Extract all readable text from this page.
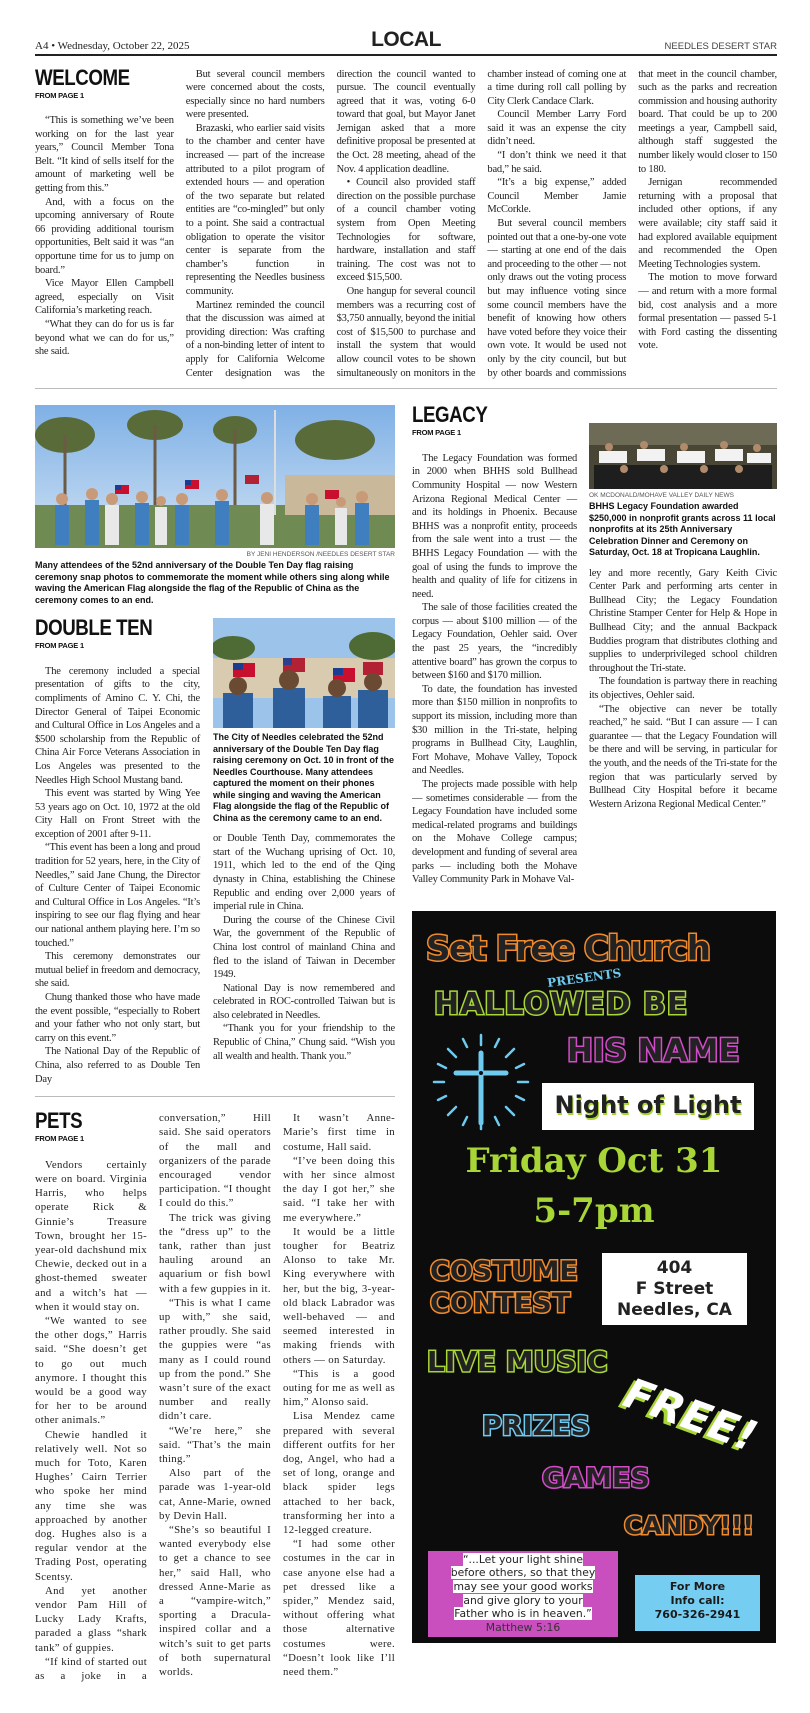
A4 • Wednesday, October 22, 2025	LOCAL	NEEDLES DESERT STAR
WELCOME
FROM PAGE 1

“This is something we’ve been working on for the last year years,” Council Member Tona Belt. “It kind of sells itself for the amount of marketing well be getting from this.”

And, with a focus on the upcoming anniversary of Route 66 providing additional tourism opportunities, Belt said it was “an opportune time for us to jump on board.”

Vice Mayor Ellen Campbell agreed, especially on Visit California’s marketing reach.

“What they can do for us is far beyond what we can do for us,” she said.

But several council members were concerned about the costs, especially since no hard numbers were presented.

Brazaski, who earlier said visits to the chamber and center have increased — part of the increase attributed to a pilot program of extended hours — and operation of the two separate but related entities are “co-mingled” but only to a point. She said a contractual obligation to operate the visitor center is separate from the chamber’s function in representing the Needles business community.

Martinez reminded the council that the discussion was aimed at providing direction: Was crafting of a non-binding letter of intent to apply for California Welcome Center designation was the direction the council wanted to pursue. The council eventually agreed that it was, voting 6-0 toward that goal, but Mayor Janet Jernigan asked that a more definitive proposal be presented at the Oct. 28 meeting, ahead of the Nov. 4 application deadline.

• Council also provided staff direction on the possible purchase of a council chamber voting system from Open Meeting Technologies for software, hardware, installation and staff training. The cost was not to exceed $15,500.

One hangup for several council members was a recurring cost of $3,750 annually, beyond the initial cost of $15,500 to purchase and install the system that would allow council votes to be shown simultaneously on monitors in the chamber instead of coming one at a time during roll call polling by City Clerk Candace Clark.

Council Member Larry Ford said it was an expense the city didn’t need.

“I don’t think we need it that bad,” he said.

“It’s a big expense,” added Council Member Jamie McCorkle.

But several council members pointed out that a one-by-one vote — starting at one end of the dais and proceeding to the other — not only draws out the voting process but may influence voting since some council members have the benefit of knowing how others have voted before they voice their own vote. It would be used not only by the city council, but but by other boards and commissions that meet in the council chamber, such as the parks and recreation commission and housing authority board. That could be up to 200 meetings a year, Campbell said, although staff suggested the number likely would closer to 150 to 180.

Jernigan recommended returning with a proposal that included other options, if any were available; city staff said it had explored available equipment and recommended the Open Meeting Technologies system.

The motion to move forward — and return with a more formal bid, cost analysis and a more formal presentation — passed 5-1 with Ford casting the dissenting vote.

BY JENI HENDERSON /NEEDLES DESERT STAR
Many attendees of the 52nd anniversary of the Double Ten Day flag raising ceremony snap photos to commemorate the moment while others sing along while waving the American Flag alongside the flag of the Republic of China as the ceremony comes to an end.
DOUBLE TEN
FROM PAGE 1

The ceremony included a special presentation of gifts to the city, compliments of Amino C. Y. Chi, the Director General of Taipei Economic and Cultural Office in Los Angeles and a $500 scholarship from the Republic of China Air Force Veterans Association in Los Angeles was presented to the Needles High School Mustang band.

This event was started by Wing Yee 53 years ago on Oct. 10, 1972 at the old City Hall on Front Street with the exception of 2001 after 9-11.

“This event has been a long and proud tradition for 52 years, here, in the City of Needles,” said Jane Chung, the Director of Culture Center of Taipei Economic and Cultural Office in Los Angeles. “It’s inspiring to see our flag flying and hear our national anthem playing here. I’m so touched.”

This ceremony demonstrates our mutual belief in freedom and democracy, she said.

Chung thanked those who have made the event possible, “especially to Robert and your father who not only start, but carry on this event.”

The National Day of the Republic of China, also referred to as Double Ten Day

The City of Needles celebrated the 52nd anniversary of the Double Ten Day flag raising ceremony on Oct. 10 in front of the Needles Courthouse. Many attendees captured the moment on their phones while singing and waving the American Flag alongside the flag of the Republic of China as the ceremony came to an end.

or Double Tenth Day, commemorates the start of the Wuchang uprising of Oct. 10, 1911, which led to the end of the Qing dynasty in China, establishing the Chinese Republic and ending over 2,000 years of imperial rule in China.

During the course of the Chinese Civil War, the government of the Republic of China lost control of mainland China and fled to the island of Taiwan in December 1949.

National Day is now remembered and celebrated in ROC-controlled Taiwan but is also celebrated in Needles.

“Thank you for your friendship to the Republic of China,” Chung said. “Wish you all wealth and health. Thank you.”

PETS
FROM PAGE 1

Vendors certainly were on board. Virginia Harris, who helps operate Rick & Ginnie’s Treasure Town, brought her 15-year-old dachshund mix Chewie, decked out in a ghost-themed sweater and a witch’s hat — when it would stay on.

“We wanted to see the other dogs,” Harris said. “She doesn’t get to go out much anymore. I thought this would be a good way for her to be around other animals.”

Chewie handled it relatively well. Not so much for Toto, Karen Hughes’ Cairn Terrier who spoke her mind any time she was approached by another dog. Hughes also is a regular vendor at the Trading Post, operating Scentsy.

And yet another vendor Pam Hill of Lucky Lady Krafts, paraded a glass “shark tank” of guppies.

“If kind of started out as a joke in a conversation,” Hill said. She said operators of the mall and organizers of the parade encouraged vendor participation. “I thought I could do this.”

The trick was giving the “dress up” to the tank, rather than just hauling around an aquarium or fish bowl with a few guppies in it.

“This is what I came up with,” she said, rather proudly. She said the guppies were “as many as I could round up from the pond.” She wasn’t sure of the exact number and really didn’t care.

“We’re here,” she said. “That’s the main thing.”

Also part of the parade was 1-year-old cat, Anne-Marie, owned by Devin Hall.

“She’s so beautiful I wanted everybody else to get a chance to see her,” said Hall, who dressed Anne-Marie as a “vampire-witch,” sporting a Dracula-inspired collar and a witch’s suit to get parts of both supernatural worlds.

It wasn’t Anne-Marie’s first time in costume, Hall said.

“I’ve been doing this with her since almost the day I got her,” she said. “I take her with me everywhere.”

It would be a little tougher for Beatriz Alonso to take Mr. King everywhere with her, but the big, 3-year-old black Labrador was well-behaved — and seemed interested in making friends with others — on Saturday.

“This is a good outing for me as well as him,” Alonso said.

Lisa Mendez came prepared with several different outfits for her dog, Angel, who had a set of long, orange and black spider legs attached to her back, transforming her into a 12-legged creature.

“I had some other costumes in the car in case anyone else had a pet dressed like a spider,” Mendez said, without offering what those alternative costumes were. “Doesn’t look like I’ll need them.”

LEGACY
FROM PAGE 1

The Legacy Foundation was formed in 2000 when BHHS sold Bullhead Community Hospital — now Western Arizona Regional Medical Center — and its holdings in Phoenix. Because BHHS was a nonprofit entity, proceeds from the sale went into a trust — the BHHS Legacy Foundation — with the goal of using the funds to improve the health and quality of life for citizens in need.

The sale of those facilities created the corpus — about $100 million — of the Legacy Foundation, Oehler said. Over the past 25 years, the “incredibly attentive board” has grown the corpus to between $160 and $170 million.

To date, the foundation has invested more than $150 million in nonprofits to support its mission, including more than $30 million in the Tri-state, helping programs in Bullhead City, Laughlin, Fort Mohave, Mohave Valley, Topock and Needles.

The projects made possible with help — sometimes considerable — from the Legacy Foundation have included some medical-related programs and buildings on the Mohave College campus; development and funding of several area parks — including both the Mohave Valley Community Park in Mohave Val-

OK MCDONALD/MOHAVE VALLEY DAILY NEWS
BHHS Legacy Foundation awarded $250,000 in nonprofit grants across 11 local nonprofits at its 25th Anniversary Celebration Dinner and Ceremony on Saturday, Oct. 18 at Tropicana Laughlin.

ley and more recently, Gary Keith Civic Center Park and performing arts center in Bullhead City; the Legacy Foundation Christine Stamper Center for Help & Hope in Bullhead City; and the annual Backpack Buddies program that distributes clothing and supplies to underprivileged school children throughout the Tri-state.

The foundation is partway there in reaching its objectives, Oehler said.

“The objective can never be totally reached,” he said. “But I can assure — I can guarantee — that the Legacy Foundation will be there and will be serving, in particular for the youth, and the needs of the Tri-state for the region that was particularly served by Bullhead City Hospital before it became Western Arizona Regional Medical Center.”

Set Free Church
PRESENTS
HALLOWED BE
HIS NAME
Night of Light
Friday Oct 31
5-7pm
COSTUME
CONTEST
404
F Street
Needles, CA
LIVE MUSIC
FREE!
PRIZES
GAMES
CANDY!!!
“...Let your light shine
before others, so that they
may see your good works
and give glory to your
Father who is in heaven.”
Matthew 5:16
For More
Info call:
760-326-2941
